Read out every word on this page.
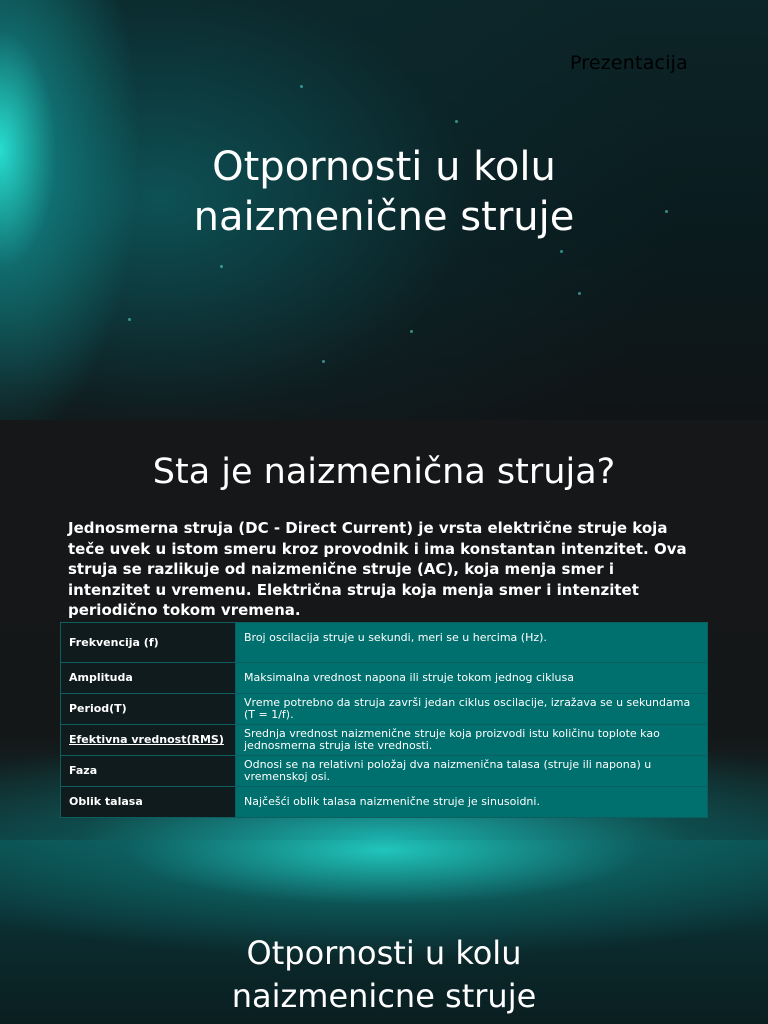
Prezentacija
Otpornosti u kolu
naizmenične struje
Sta je naizmenična struja?

Jednosmerna struja (DC - Direct Current) je vrsta električne struje koja teče uvek u istom smeru kroz provodnik i ima konstantan intenzitet. Ova struja se razlikuje od naizmenične struje (AC), koja menja smer i intenzitet u vremenu. Električna struja koja menja smer i intenzitet periodično tokom vremena.

Frekvencija (f)	Broj oscilacija struje u sekundi, meri se u hercima (Hz).
Amplituda	Maksimalna vrednost napona ili struje tokom jednog ciklusa
Period(T)	Vreme potrebno da struja završi jedan ciklus oscilacije, izražava se u sekundama (T = 1/f).
Efektivna vrednost(RMS)	Srednja vrednost naizmenične struje koja proizvodi istu količinu toplote kao jednosmerna struja iste vrednosti.
Faza	Odnosi se na relativni položaj dva naizmenična talasa (struje ili napona) u vremenskoj osi.
Oblik talasa	Najčešći oblik talasa naizmenične struje je sinusoidni.
Otpornosti u kolu
naizmenicne struje
